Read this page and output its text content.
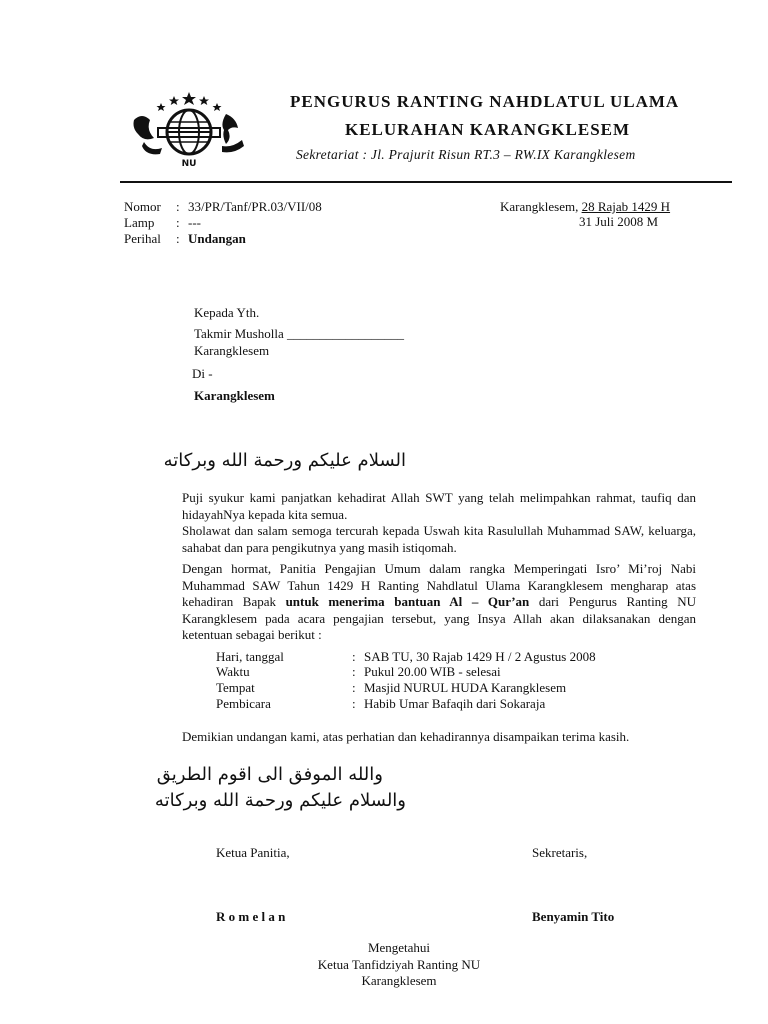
NU
PENGURUS RANTING NAHDLATUL ULAMA
KELURAHAN KARANGKLESEM
Sekretariat : Jl. Prajurit Risun RT.3 – RW.IX Karangklesem
Nomor : 33/PR/Tanf/PR.03/VII/08
Lamp : ---
Perihal : Undangan
Karangklesem, 28 Rajab 1429 H
31 Juli 2008 M
Kepada Yth.
Takmir Musholla __________________
Karangklesem
Di -
Karangklesem
السلام عليكم ورحمة الله وبركاته

Puji syukur kami panjatkan kehadirat Allah SWT yang telah melimpahkan rahmat, taufiq dan hidayahNya kepada kita semua.

Sholawat dan salam semoga tercurah kepada Uswah kita Rasulullah Muhammad SAW, keluarga, sahabat dan para pengikutnya yang masih istiqomah.

Dengan hormat, Panitia Pengajian Umum dalam rangka Memperingati Isro’ Mi’roj Nabi Muhammad SAW Tahun 1429 H Ranting Nahdlatul Ulama Karangklesem mengharap atas kehadiran Bapak untuk menerima bantuan Al – Qur’an dari Pengurus Ranting NU Karangklesem pada acara pengajian tersebut, yang Insya Allah akan dilaksanakan dengan ketentuan sebagai berikut :

Hari, tanggal	: SAB TU, 30 Rajab 1429 H / 2 Agustus 2008
Waktu	: Pukul 20.00 WIB - selesai
Tempat	: Masjid NURUL HUDA Karangklesem
Pembicara	: Habib Umar Bafaqih dari Sokaraja
Demikian undangan kami, atas perhatian dan kehadirannya disampaikan terima kasih.
والله الموفق الى اقوم الطريق
والسلام عليكم ورحمة الله وبركاته
Ketua Panitia,	Sekretaris,
R o m e l a n	Benyamin Tito
Mengetahui
Ketua Tanfidziyah Ranting NU
Karangklesem
